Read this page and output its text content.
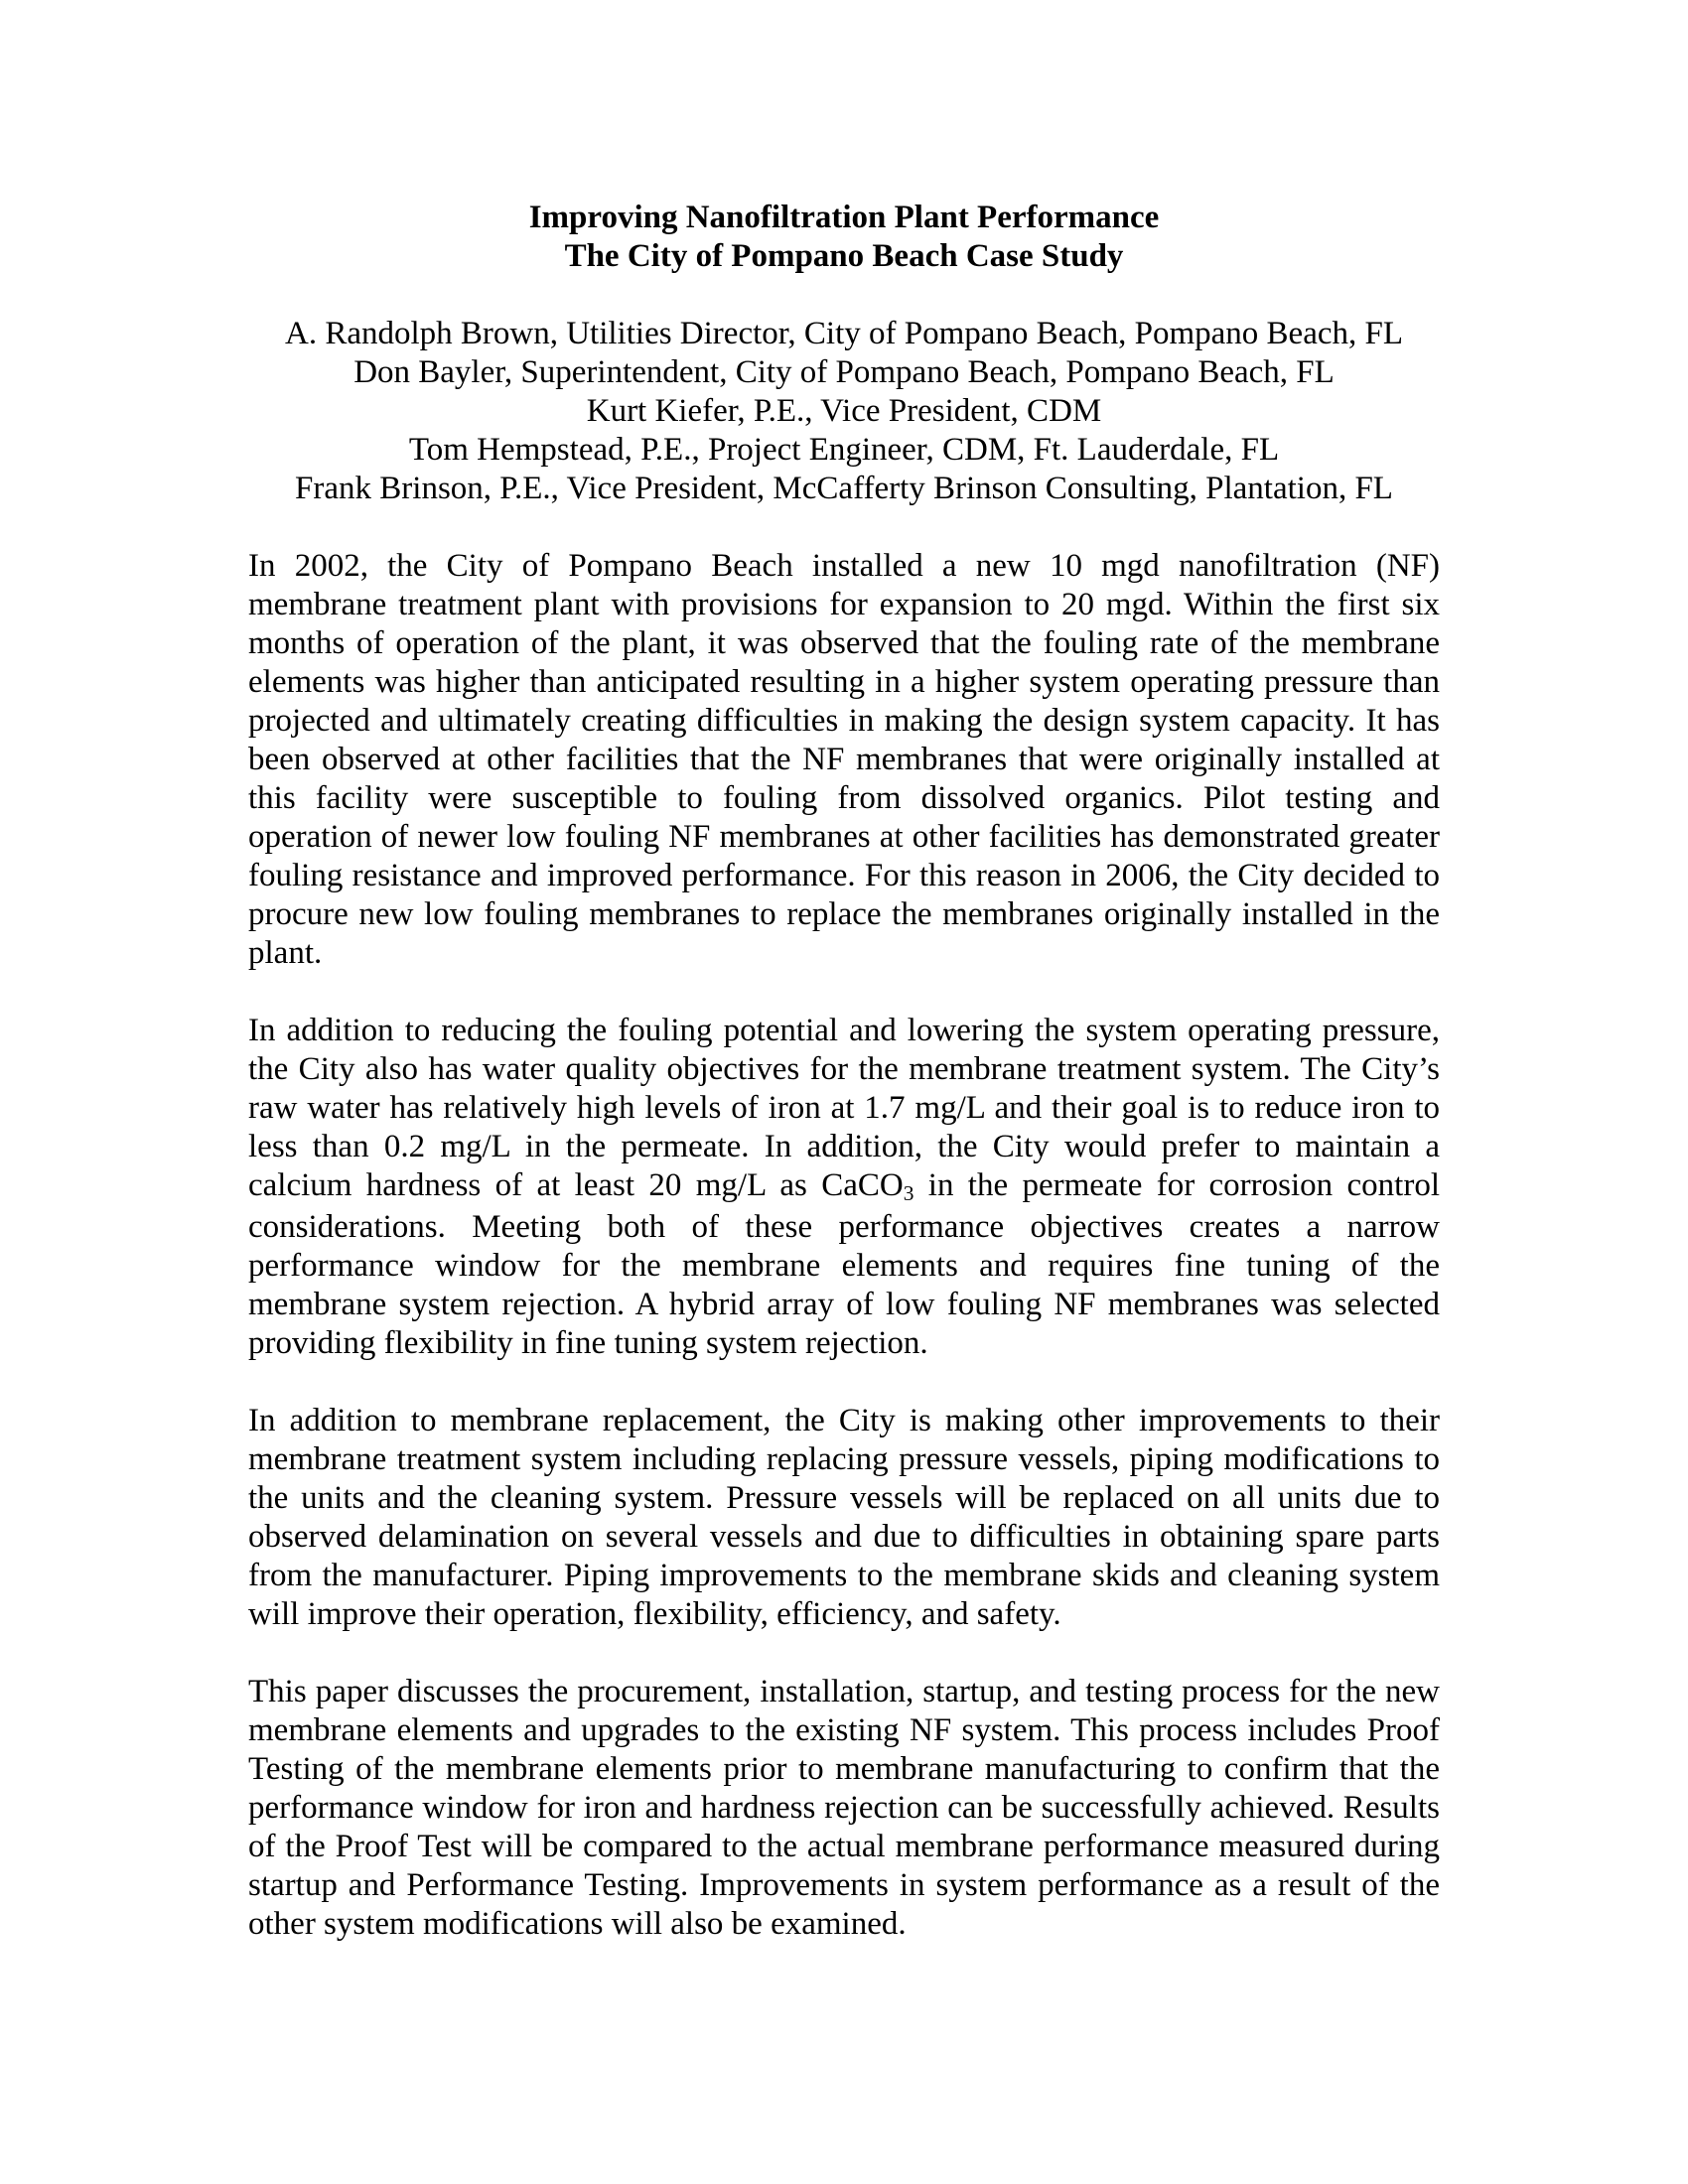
Improving Nanofiltration Plant Performance
The City of Pompano Beach Case Study
A. Randolph Brown, Utilities Director, City of Pompano Beach, Pompano Beach, FL
Don Bayler, Superintendent, City of Pompano Beach, Pompano Beach, FL
Kurt Kiefer, P.E., Vice President, CDM
Tom Hempstead, P.E., Project Engineer, CDM, Ft. Lauderdale, FL
Frank Brinson, P.E., Vice President, McCafferty Brinson Consulting, Plantation, FL
In 2002, the City of Pompano Beach installed a new 10 mgd nanofiltration (NF) membrane treatment plant with provisions for expansion to 20 mgd. Within the first six months of operation of the plant, it was observed that the fouling rate of the membrane elements was higher than anticipated resulting in a higher system operating pressure than projected and ultimately creating difficulties in making the design system capacity. It has been observed at other facilities that the NF membranes that were originally installed at this facility were susceptible to fouling from dissolved organics. Pilot testing and operation of newer low fouling NF membranes at other facilities has demonstrated greater fouling resistance and improved performance. For this reason in 2006, the City decided to procure new low fouling membranes to replace the membranes originally installed in the plant.
In addition to reducing the fouling potential and lowering the system operating pressure, the City also has water quality objectives for the membrane treatment system. The City’s raw water has relatively high levels of iron at 1.7 mg/L and their goal is to reduce iron to less than 0.2 mg/L in the permeate. In addition, the City would prefer to maintain a calcium hardness of at least 20 mg/L as CaCO3 in the permeate for corrosion control considerations. Meeting both of these performance objectives creates a narrow performance window for the membrane elements and requires fine tuning of the membrane system rejection. A hybrid array of low fouling NF membranes was selected providing flexibility in fine tuning system rejection.
In addition to membrane replacement, the City is making other improvements to their membrane treatment system including replacing pressure vessels, piping modifications to the units and the cleaning system. Pressure vessels will be replaced on all units due to observed delamination on several vessels and due to difficulties in obtaining spare parts from the manufacturer. Piping improvements to the membrane skids and cleaning system will improve their operation, flexibility, efficiency, and safety.
This paper discusses the procurement, installation, startup, and testing process for the new membrane elements and upgrades to the existing NF system. This process includes Proof Testing of the membrane elements prior to membrane manufacturing to confirm that the performance window for iron and hardness rejection can be successfully achieved. Results of the Proof Test will be compared to the actual membrane performance measured during startup and Performance Testing. Improvements in system performance as a result of the other system modifications will also be examined.
